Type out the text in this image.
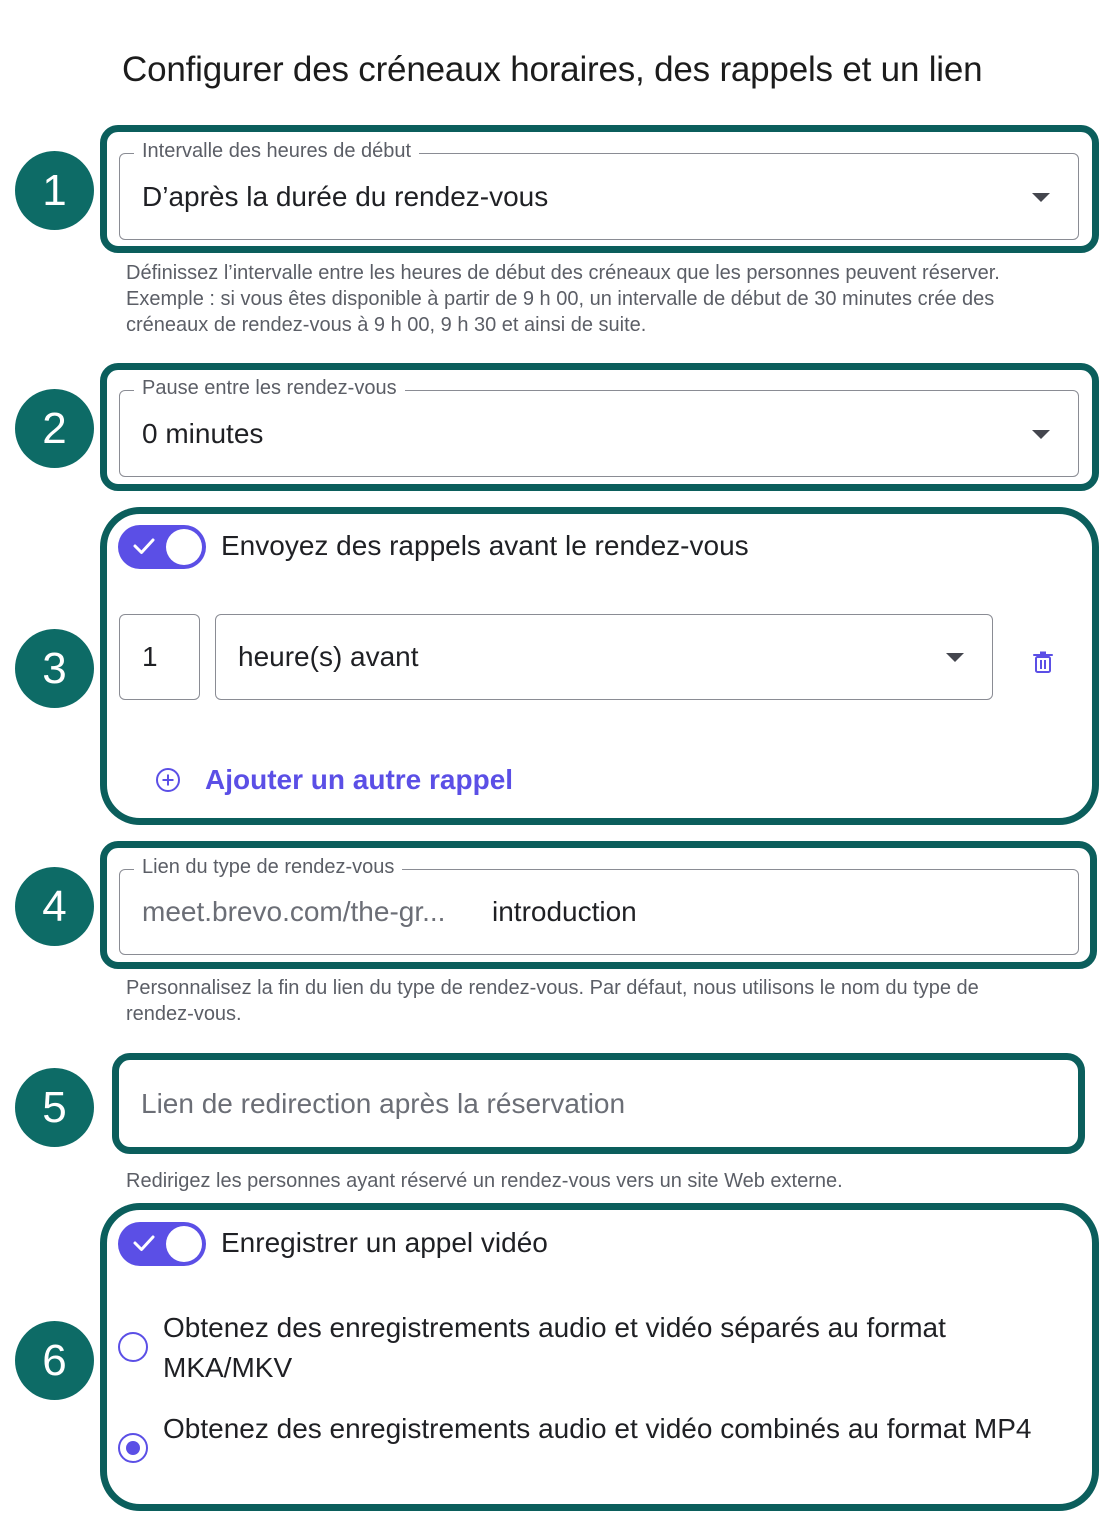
Configurer des créneaux horaires, des rappels et un lien
1
2
3
4
5
6
Intervalle des heures de début
D’après la durée du rendez-vous
Définissez l’intervalle entre les heures de début des créneaux que les personnes peuvent réserver. Exemple : si vous êtes disponible à partir de 9 h 00, un intervalle de début de 30 minutes crée des créneaux de rendez-vous à 9 h 00, 9 h 30 et ainsi de suite.
Pause entre les rendez-vous
0 minutes
Envoyez des rappels avant le rendez-vous
1	heure(s) avant
Ajouter un autre rappel
Lien du type de rendez-vous
meet.brevo.com/the-gr... introduction
Personnalisez la fin du lien du type de rendez-vous. Par défaut, nous utilisons le nom du type de rendez-vous.
Lien de redirection après la réservation
Redirigez les personnes ayant réservé un rendez-vous vers un site Web externe.
Enregistrer un appel vidéo
Obtenez des enregistrements audio et vidéo séparés au format MKA/MKV
Obtenez des enregistrements audio et vidéo combinés au format MP4
